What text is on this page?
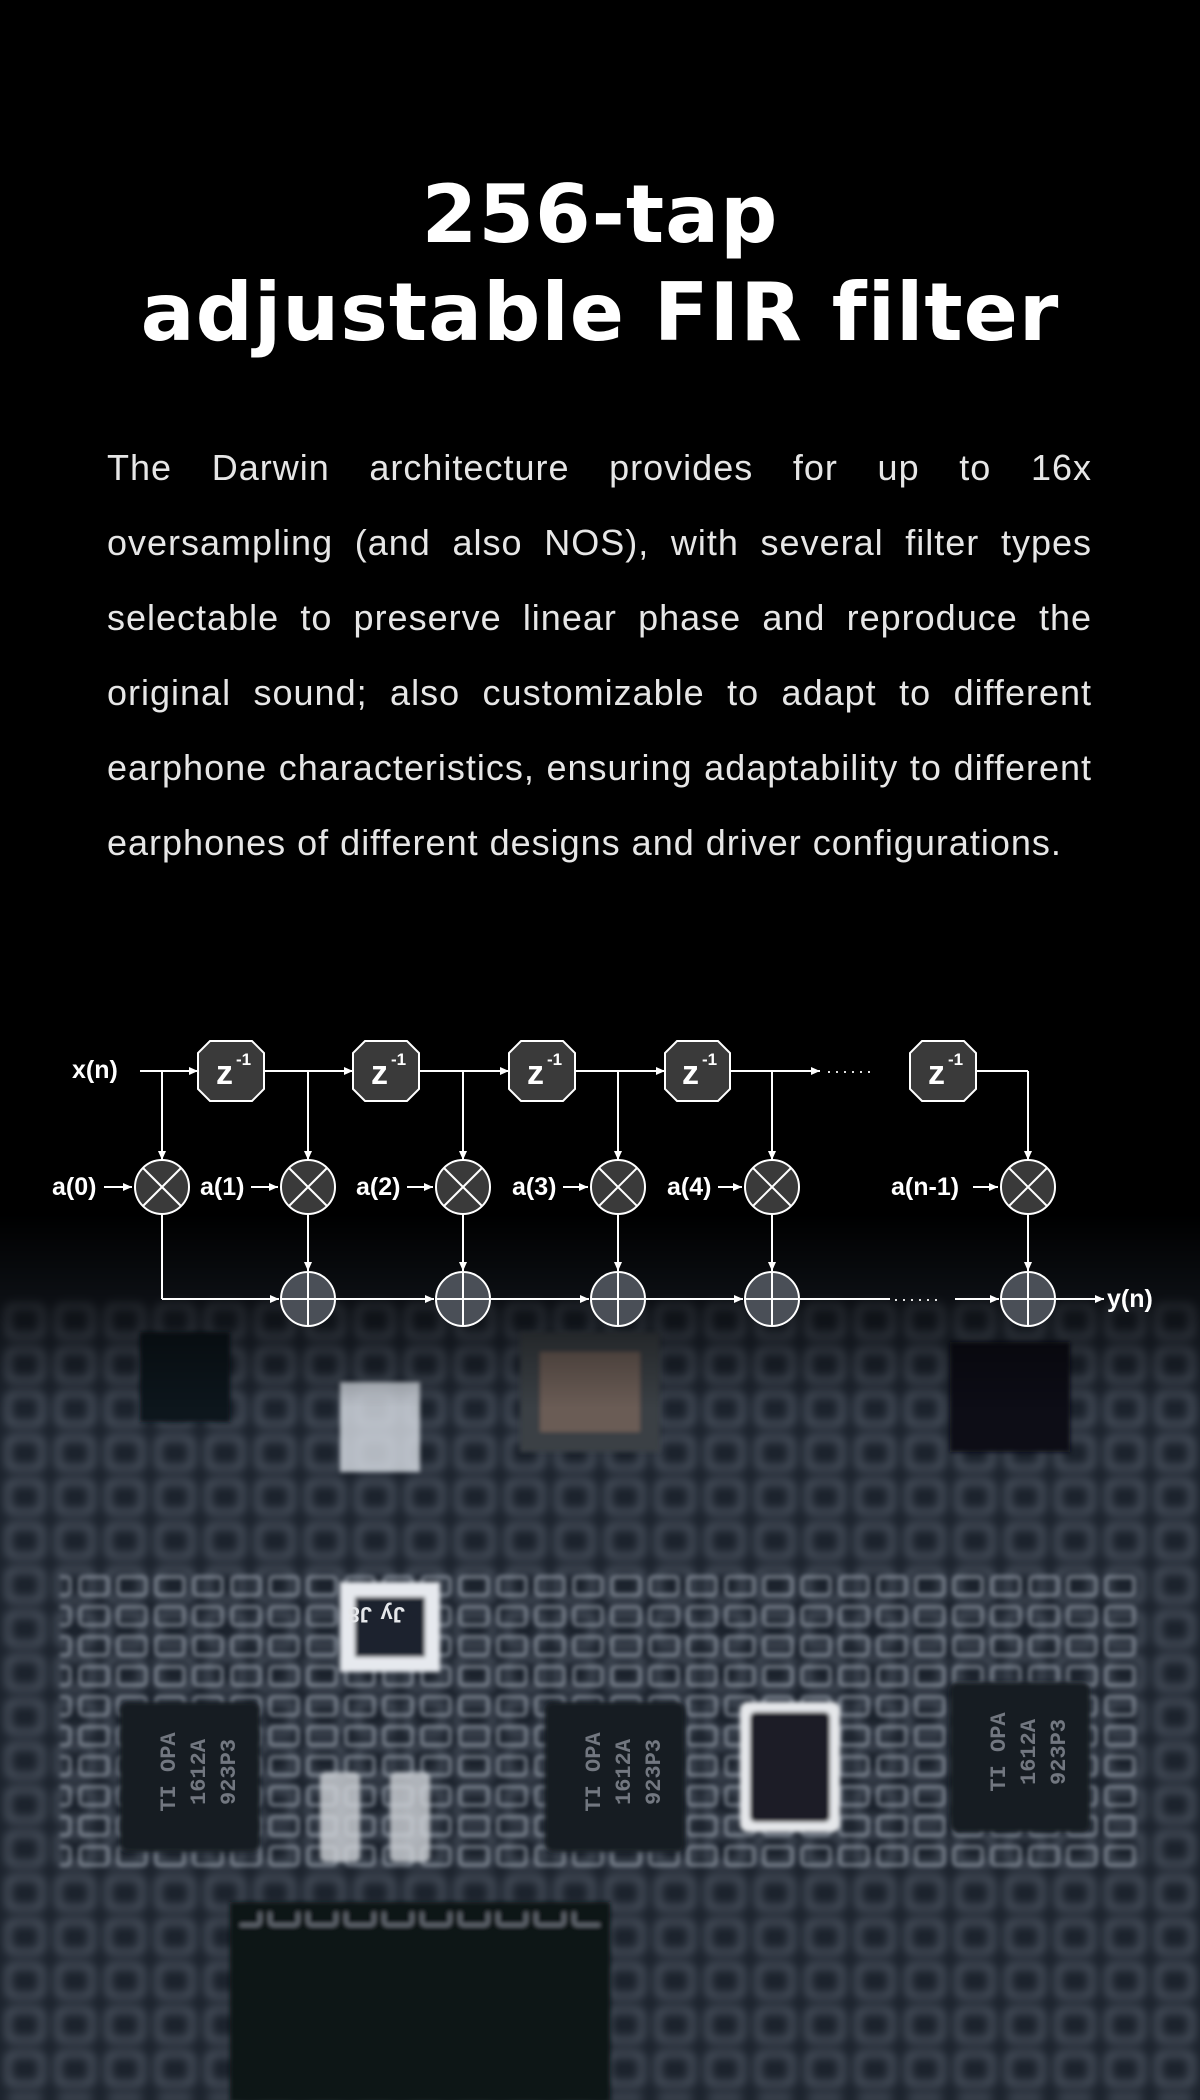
256-tap
adjustable FIR filter

The Darwin architecture provides for up to 16x oversampling (and also NOS), with several filter types selectable to preserve linear phase and reproduce the original sound; also customizable to adapt to different earphone characteristics, ensuring adaptability to different earphones of different designs and driver configurations.

x(n)	······
······
z -1	z -1	z -1	z -1	z -1
a(0)	a(1)	a(2)	a(3)	a(4)	a(n-1)
y(n)
